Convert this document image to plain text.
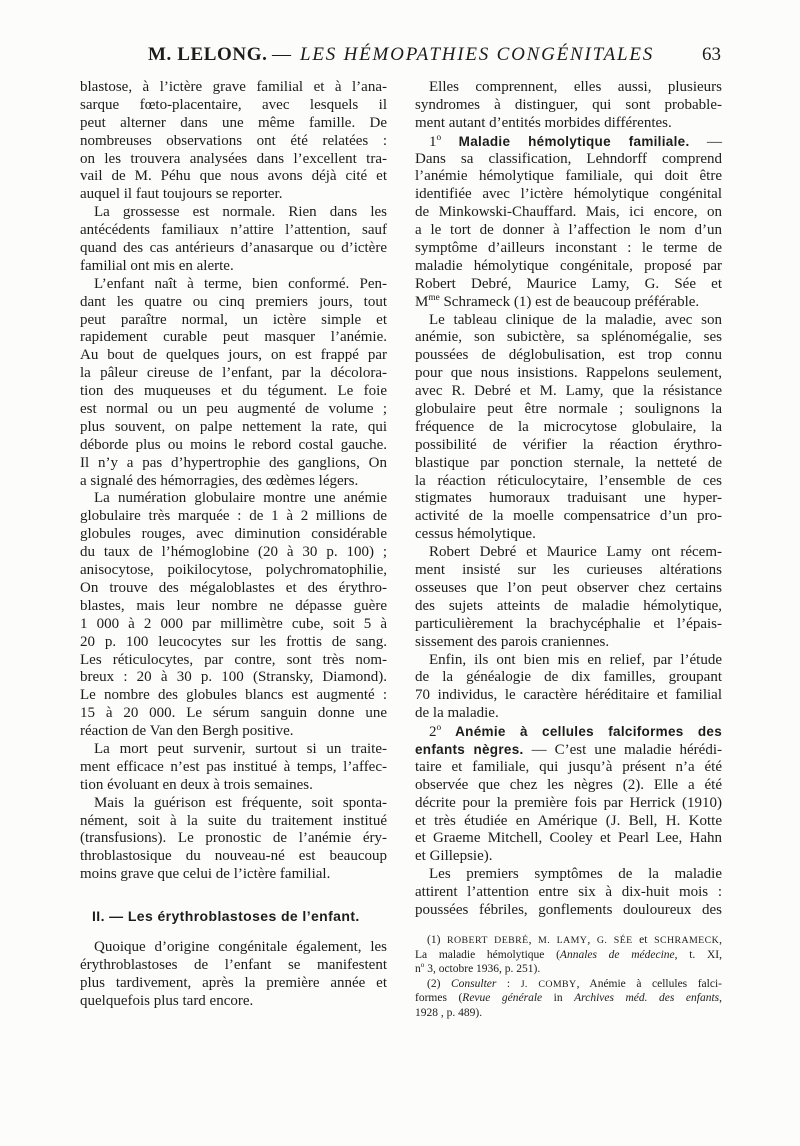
M. LELONG. — LES HÉMOPATHIES CONGÉNITALES	63
blastose, à l’ictère grave familial et à l’ana-
sarque fœto-placentaire, avec lesquels il
peut alterner dans une même famille. De
nombreuses observations ont été relatées :
on les trouvera analysées dans l’excellent tra-
vail de M. Péhu que nous avons déjà cité et
auquel il faut toujours se reporter.
La grossesse est normale. Rien dans les
antécédents familiaux n’attire l’attention, sauf
quand des cas antérieurs d’anasarque ou d’ictère
familial ont mis en alerte.
L’enfant naît à terme, bien conformé. Pen-
dant les quatre ou cinq premiers jours, tout
peut paraître normal, un ictère simple et
rapidement curable peut masquer l’anémie.
Au bout de quelques jours, on est frappé par
la pâleur cireuse de l’enfant, par la décolora-
tion des muqueuses et du tégument. Le foie
est normal ou un peu augmenté de volume ;
plus souvent, on palpe nettement la rate, qui
déborde plus ou moins le rebord costal gauche.
Il n’y a pas d’hypertrophie des ganglions, On
a signalé des hémorragies, des œdèmes légers.
La numération globulaire montre une anémie
globulaire très marquée : de 1 à 2 millions de
globules rouges, avec diminution considérable
du taux de l’hémoglobine (20 à 30 p. 100) ;
anisocytose, poikilocytose, polychromatophilie,
On trouve des mégaloblastes et des érythro-
blastes, mais leur nombre ne dépasse guère
1 000 à 2 000 par millimètre cube, soit 5 à
20 p. 100 leucocytes sur les frottis de sang.
Les réticulocytes, par contre, sont très nom-
breux : 20 à 30 p. 100 (Stransky, Diamond).
Le nombre des globules blancs est augmenté :
15 à 20 000. Le sérum sanguin donne une
réaction de Van den Bergh positive.
La mort peut survenir, surtout si un traite-
ment efficace n’est pas institué à temps, l’affec-
tion évoluant en deux à trois semaines.
Mais la guérison est fréquente, soit sponta-
nément, soit à la suite du traitement institué
(transfusions). Le pronostic de l’anémie éry-
throblastosique du nouveau-né est beaucoup
moins grave que celui de l’ictère familial.
II. — Les érythroblastoses de l’enfant.
Quoique d’origine congénitale également, les
érythroblastoses de l’enfant se manifestent
plus tardivement, après la première année et
quelquefois plus tard encore.
Elles comprennent, elles aussi, plusieurs
syndromes à distinguer, qui sont probable-
ment autant d’entités morbides différentes.
1$^o$ Maladie hémolytique familiale. —
Dans sa classification, Lehndorff comprend
l’anémie hémolytique familiale, qui doit être
identifiée avec l’ictère hémolytique congénital
de Minkowski-Chauffard. Mais, ici encore, on
a le tort de donner à l’affection le nom d’un
symptôme d’ailleurs inconstant : le terme de
maladie hémolytique congénitale, proposé par
Robert Debré, Maurice Lamy, G. Sée et
$M^{me}$ Schrameck (1) est de beaucoup préférable.
Le tableau clinique de la maladie, avec son
anémie, son subictère, sa splénomégalie, ses
poussées de déglobulisation, est trop connu
pour que nous insistions. Rappelons seulement,
avec R. Debré et M. Lamy, que la résistance
globulaire peut être normale ; soulignons la
fréquence de la microcytose globulaire, la
possibilité de vérifier la réaction érythro-
blastique par ponction sternale, la netteté de
la réaction réticulocytaire, l’ensemble de ces
stigmates humoraux traduisant une hyper-
activité de la moelle compensatrice d’un pro-
cessus hémolytique.
Robert Debré et Maurice Lamy ont récem-
ment insisté sur les curieuses altérations
osseuses que l’on peut observer chez certains
des sujets atteints de maladie hémolytique,
particulièrement la brachycéphalie et l’épais-
sissement des parois craniennes.
Enfin, ils ont bien mis en relief, par l’étude
de la généalogie de dix familles, groupant
70 individus, le caractère héréditaire et familial
de la maladie.
2$^o$ Anémie à cellules falciformes des
enfants nègres. — C’est une maladie hérédi-
taire et familiale, qui jusqu’à présent n’a été
observée que chez les nègres (2). Elle a été
décrite pour la première fois par Herrick (1910)
et très étudiée en Amérique (J. Bell, H. Kotte
et Graeme Mitchell, Cooley et Pearl Lee, Hahn
et Gillepsie).
Les premiers symptômes de la maladie
attirent l’attention entre six à dix-huit mois :
poussées fébriles, gonflements douloureux des
(1) ROBERT DEBRÉ, M. LAMY, G. SÉE et SCHRAMECK,
La maladie hémolytique (Annales de médecine, t. XI,
$n^o$ 3, octobre 1936, p. 251).
(2) Consulter : J. COMBY, Anémie à cellules falci-
formes (Revue générale in Archives méd. des enfants,
1928 , p. 489).
